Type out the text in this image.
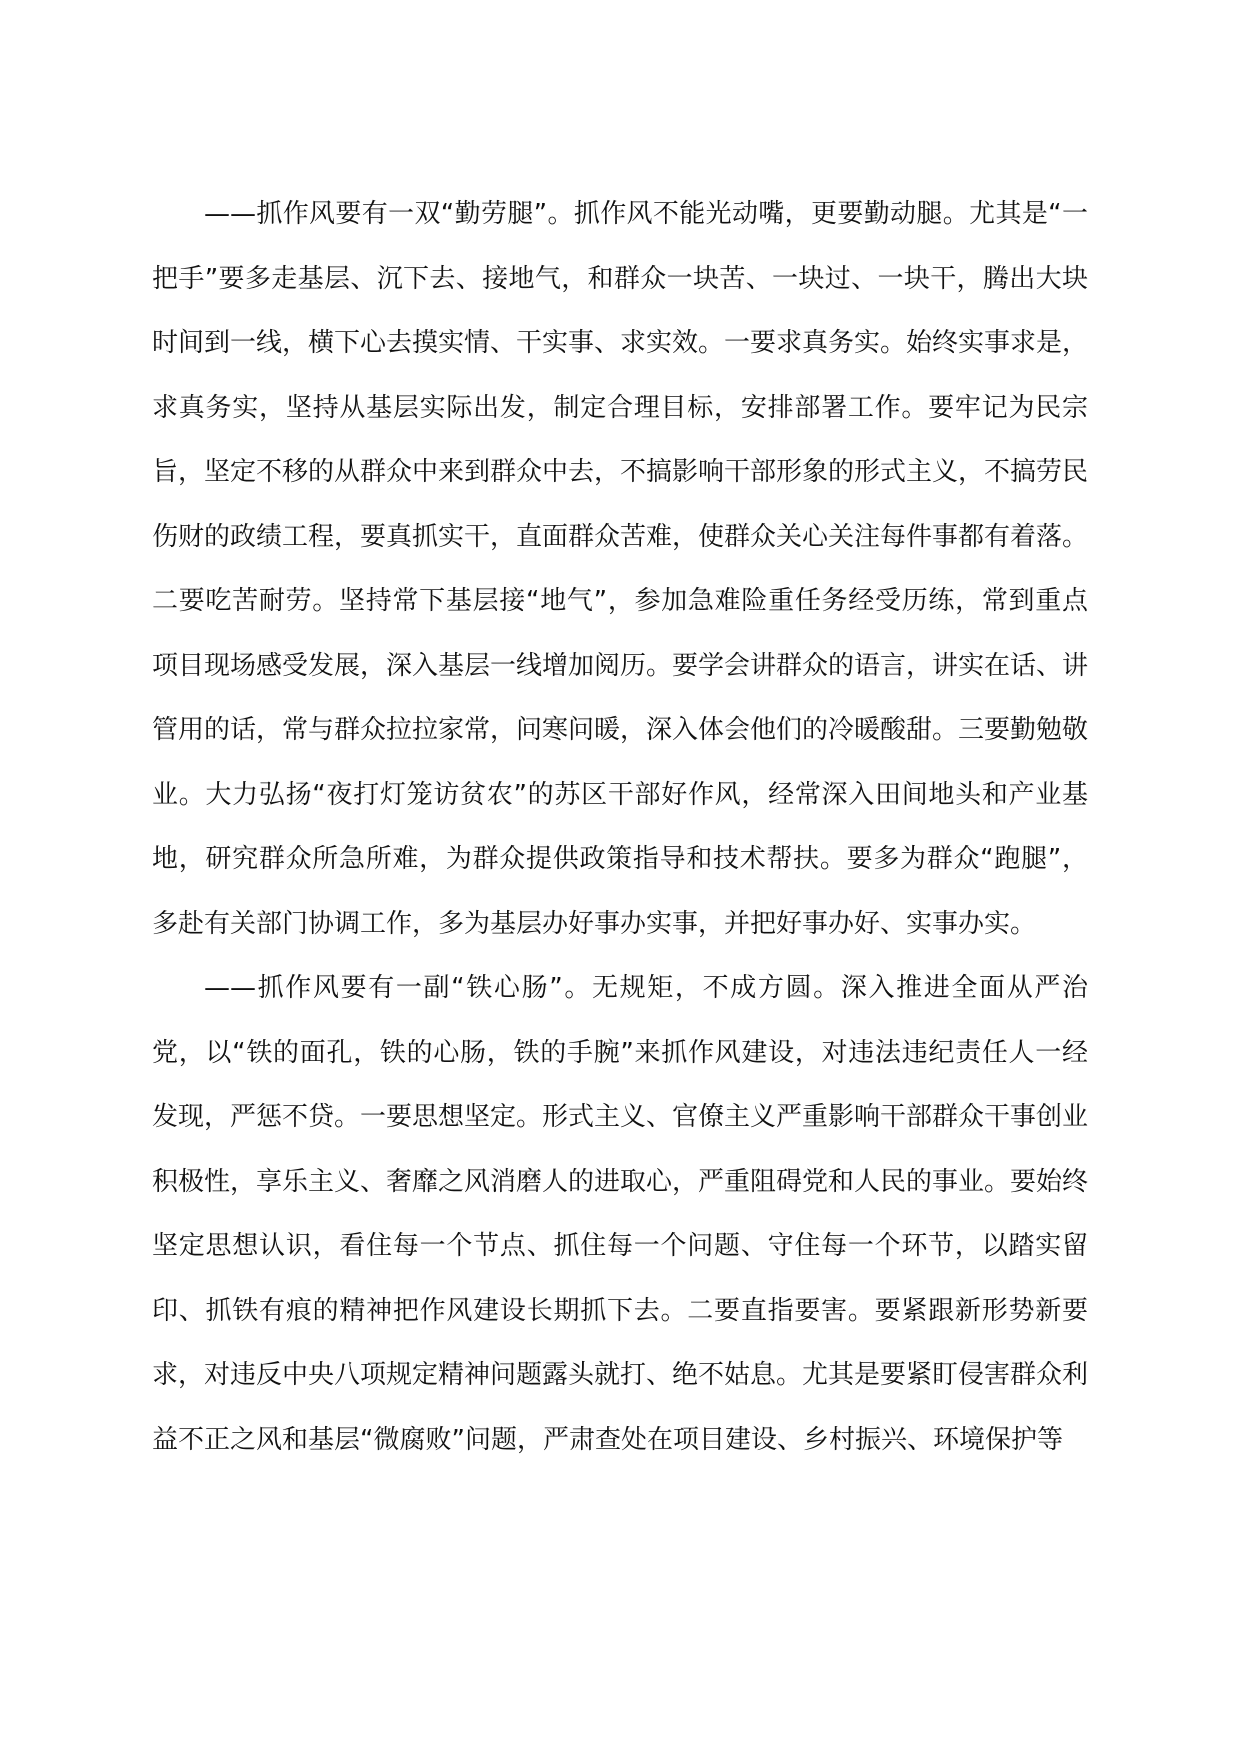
——抓作风要有一双“勤劳腿”。抓作风不能光动嘴，更要勤动腿。尤其是“一把手”要多走基层、沉下去、接地气，和群众一块苦、一块过、一块干，腾出大块时间到一线，横下心去摸实情、干实事、求实效。一要求真务实。始终实事求是，求真务实，坚持从基层实际出发，制定合理目标，安排部署工作。要牢记为民宗旨，坚定不移的从群众中来到群众中去，不搞影响干部形象的形式主义，不搞劳民伤财的政绩工程，要真抓实干，直面群众苦难，使群众关心关注每件事都有着落。二要吃苦耐劳。坚持常下基层接“地气”，参加急难险重任务经受历练，常到重点项目现场感受发展，深入基层一线增加阅历。要学会讲群众的语言，讲实在话、讲管用的话，常与群众拉拉家常，问寒问暖，深入体会他们的冷暖酸甜。三要勤勉敬业。大力弘扬“夜打灯笼访贫农”的苏区干部好作风，经常深入田间地头和产业基地，研究群众所急所难，为群众提供政策指导和技术帮扶。要多为群众“跑腿”，多赴有关部门协调工作，多为基层办好事办实事，并把好事办好、实事办实。

——抓作风要有一副“铁心肠”。无规矩，不成方圆。深入推进全面从严治党，以“铁的面孔，铁的心肠，铁的手腕”来抓作风建设，对违法违纪责任人一经发现，严惩不贷。一要思想坚定。形式主义、官僚主义严重影响干部群众干事创业积极性，享乐主义、奢靡之风消磨人的进取心，严重阻碍党和人民的事业。要始终坚定思想认识，看住每一个节点、抓住每一个问题、守住每一个环节，以踏实留印、抓铁有痕的精神把作风建设长期抓下去。二要直指要害。要紧跟新形势新要求，对违反中央八项规定精神问题露头就打、绝不姑息。尤其是要紧盯侵害群众利益不正之风和基层“微腐败”问题，严肃查处在项目建设、乡村振兴、环境保护等
